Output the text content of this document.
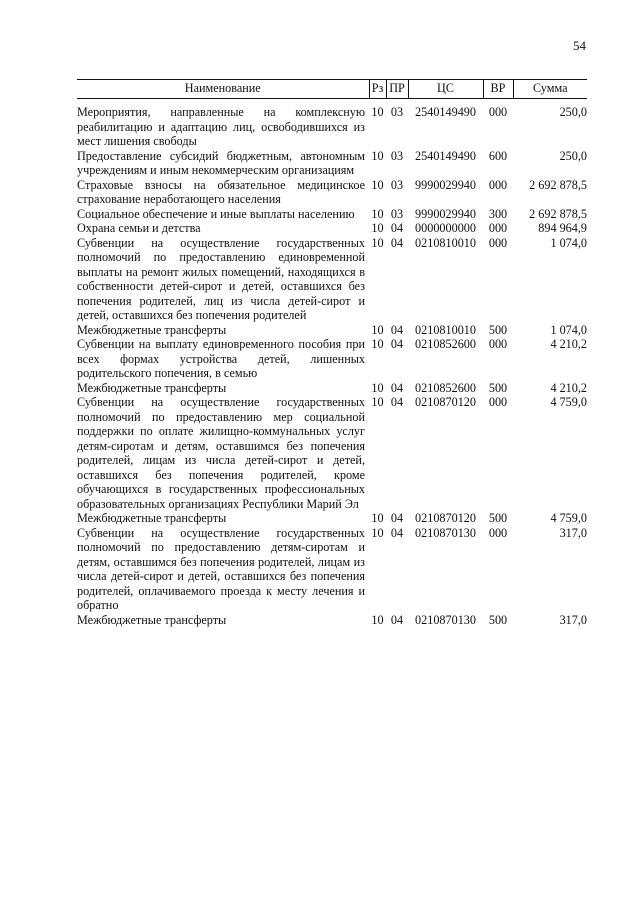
54
Наименование	Рз	ПР	ЦС	ВР	Сумма
Мероприятия, направленные на комплексную реабилитацию и адаптацию лиц, освободившихся из мест лишения свободы	10	03	2540149490	000	250,0
Предоставление субсидий бюджетным, автономным учреждениям и иным некоммерческим организациям	10	03	2540149490	600	250,0
Страховые взносы на обязательное медицинское страхование неработающего населения	10	03	9990029940	000	2 692 878,5
Социальное обеспечение и иные выплаты населению	10	03	9990029940	300	2 692 878,5
Охрана семьи и детства	10	04	0000000000	000	894 964,9
Субвенции на осуществление государственных полномочий по предоставлению единовременной выплаты на ремонт жилых помещений, находящихся в собственности детей-сирот и детей, оставшихся без попечения родителей, лиц из числа детей-сирот и детей, оставшихся без попечения родителей	10	04	0210810010	000	1 074,0
Межбюджетные трансферты	10	04	0210810010	500	1 074,0
Субвенции на выплату единовременного пособия при всех формах устройства детей, лишенных родительского попечения, в семью	10	04	0210852600	000	4 210,2
Межбюджетные трансферты	10	04	0210852600	500	4 210,2
Субвенции на осуществление государственных полномочий по предоставлению мер социальной поддержки по оплате жилищно-коммунальных услуг детям-сиротам и детям, оставшимся без попечения родителей, лицам из числа детей-сирот и детей, оставшихся без попечения родителей, кроме обучающихся в государственных профессиональных образовательных организациях Республики Марий Эл	10	04	0210870120	000	4 759,0
Межбюджетные трансферты	10	04	0210870120	500	4 759,0
Субвенции на осуществление государственных полномочий по предоставлению детям-сиротам и детям, оставшимся без попечения родителей, лицам из числа детей-сирот и детей, оставшихся без попечения родителей, оплачиваемого проезда к месту лечения и обратно	10	04	0210870130	000	317,0
Межбюджетные трансферты	10	04	0210870130	500	317,0
